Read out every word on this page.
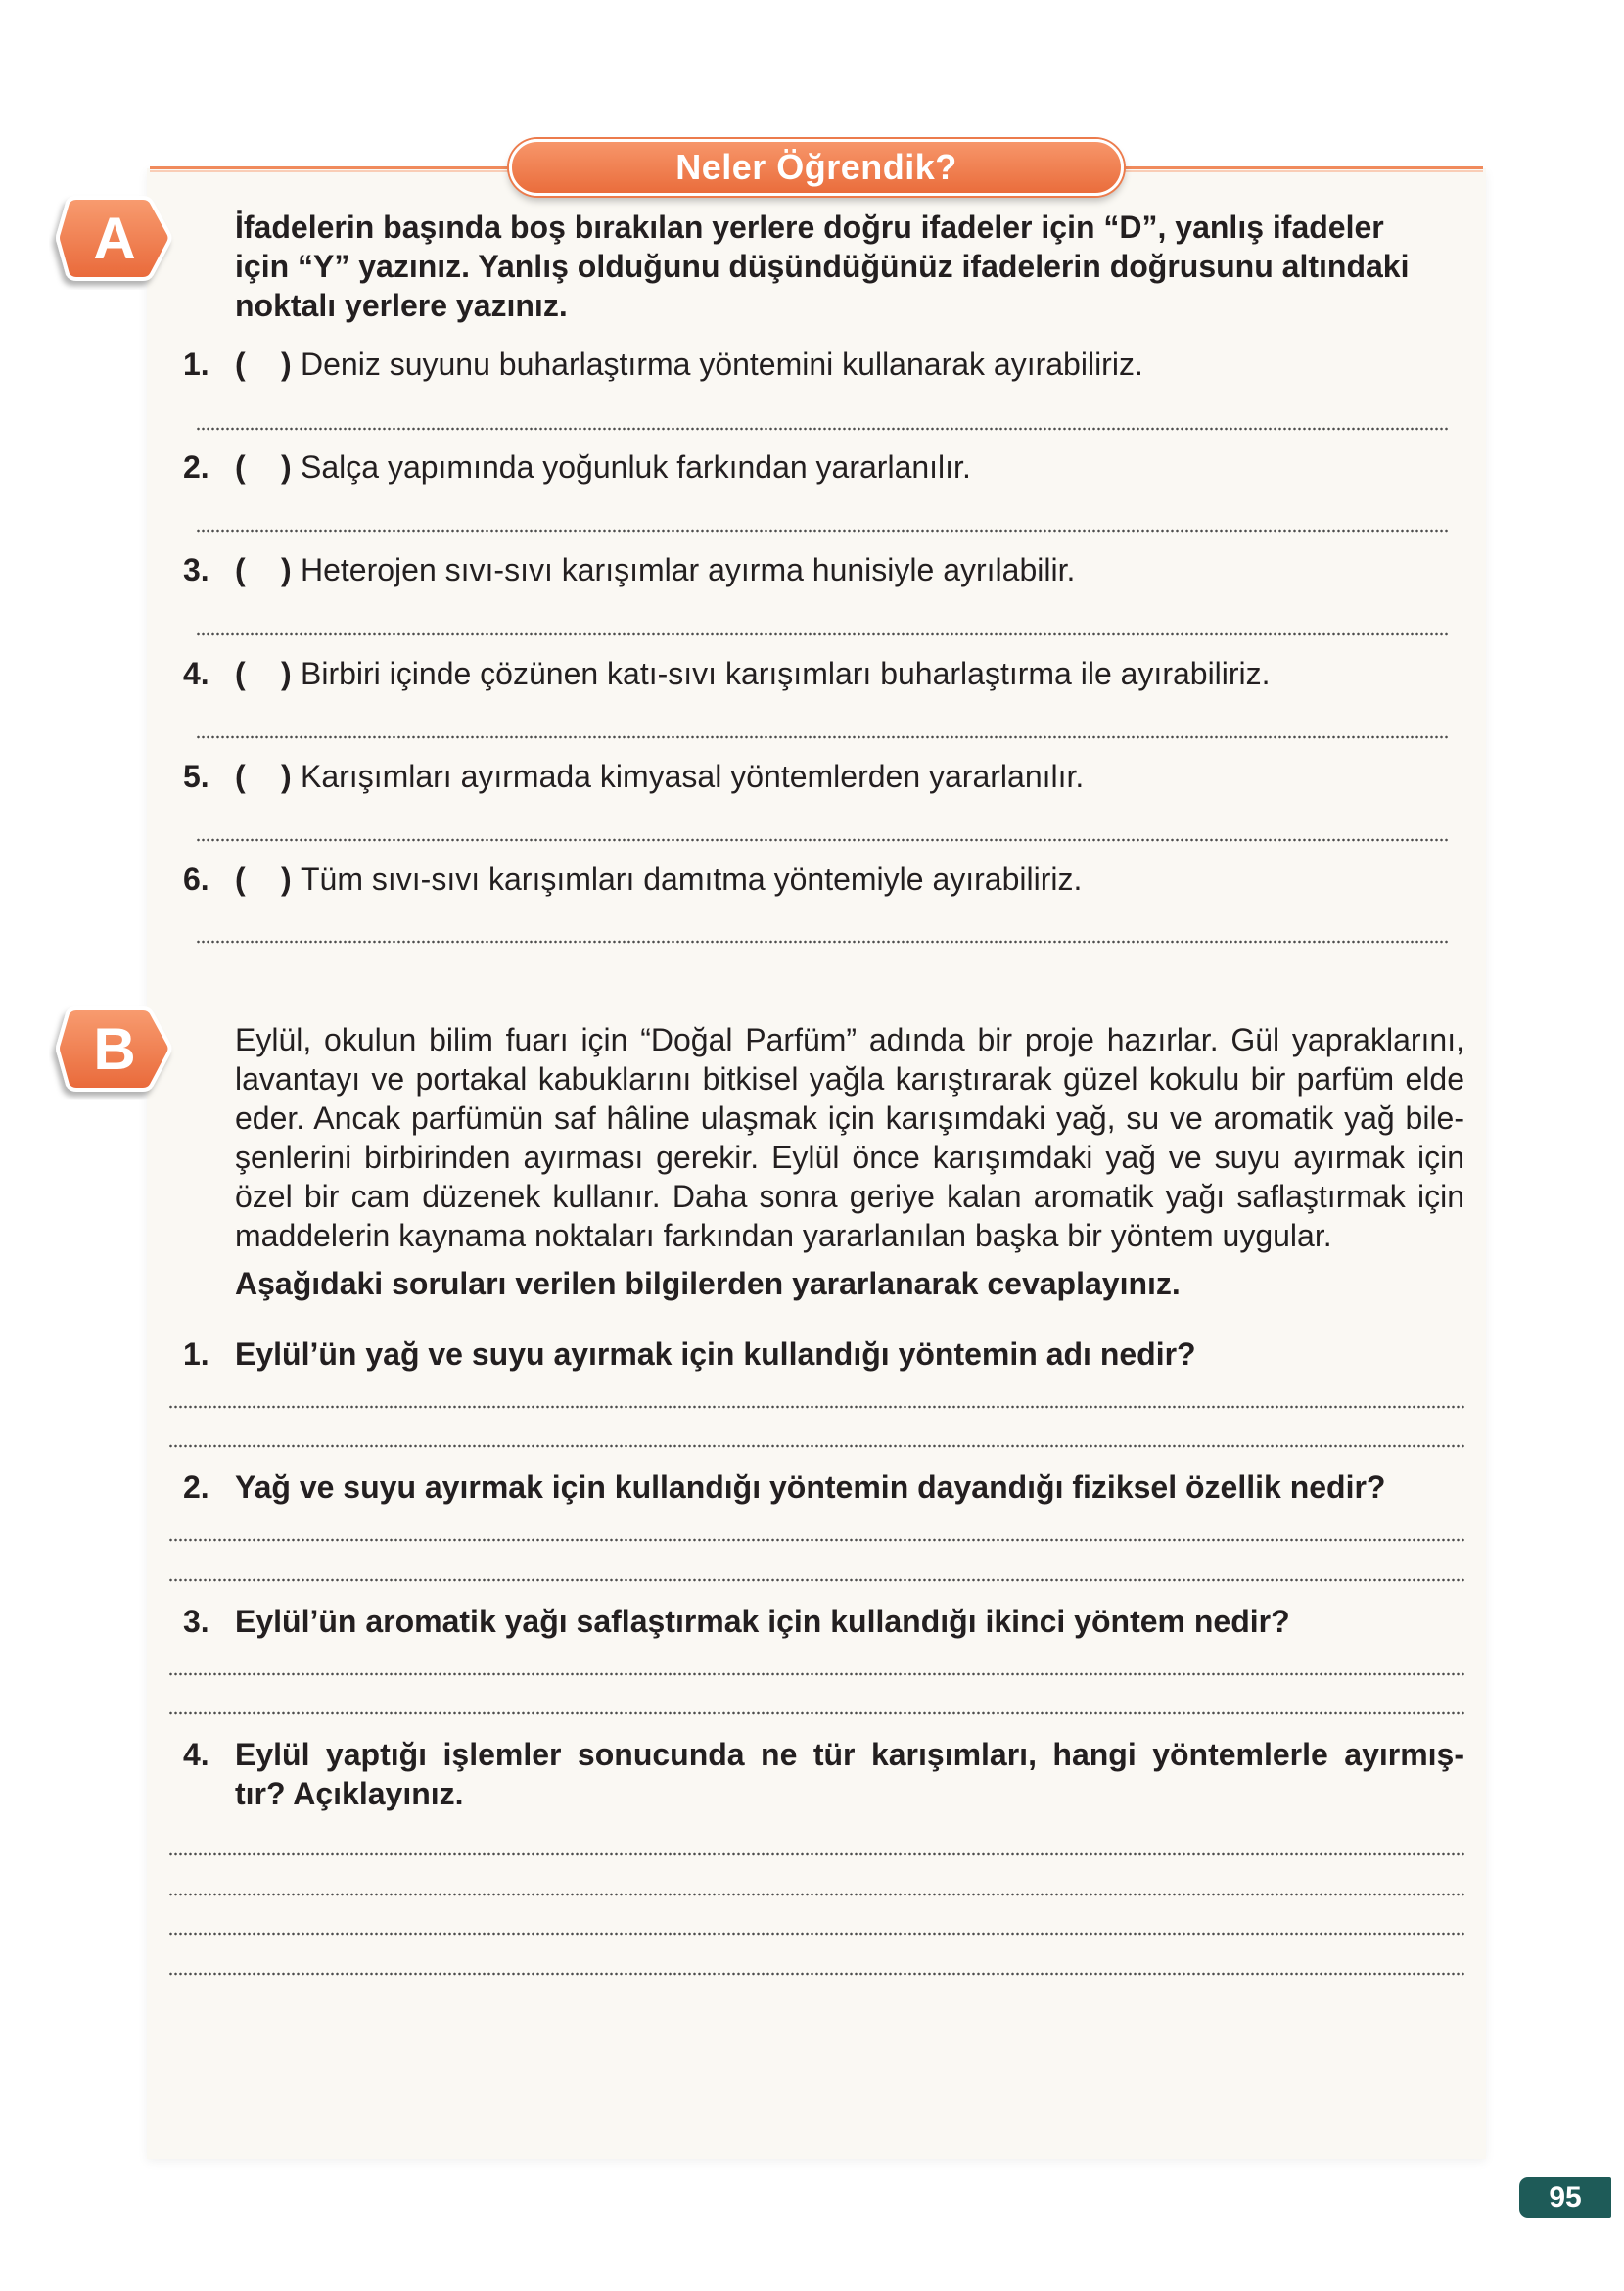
Neler Öğrendik?
A	İfadelerin başında boş bırakılan yerlere doğru ifadeler için “D”, yanlış ifadeler
için “Y” yazınız. Yanlış olduğunu düşündüğünüz ifadelerin doğrusunu altındaki
noktalı yerlere yazınız.
1. ( ) Deniz suyunu buharlaştırma yöntemini kullanarak ayırabiliriz.
2. ( ) Salça yapımında yoğunluk farkından yararlanılır.
3. ( ) Heterojen sıvı-sıvı karışımlar ayırma hunisiyle ayrılabilir.
4. ( ) Birbiri içinde çözünen katı-sıvı karışımları buharlaştırma ile ayırabiliriz.
5. ( ) Karışımları ayırmada kimyasal yöntemlerden yararlanılır.
6. ( ) Tüm sıvı-sıvı karışımları damıtma yöntemiyle ayırabiliriz.
B	Eylül, okulun bilim fuarı için “Doğal Parfüm” adında bir proje hazırlar. Gül yapraklarını,
lavantayı ve portakal kabuklarını bitkisel yağla karıştırarak güzel kokulu bir parfüm elde
eder. Ancak parfümün saf hâline ulaşmak için karışımdaki yağ, su ve aromatik yağ bile-
şenlerini birbirinden ayırması gerekir. Eylül önce karışımdaki yağ ve suyu ayırmak için
özel bir cam düzenek kullanır. Daha sonra geriye kalan aromatik yağı saflaştırmak için
maddelerin kaynama noktaları farkından yararlanılan başka bir yöntem uygular.
Aşağıdaki soruları verilen bilgilerden yararlanarak cevaplayınız.
1. Eylül’ün yağ ve suyu ayırmak için kullandığı yöntemin adı nedir?
2. Yağ ve suyu ayırmak için kullandığı yöntemin dayandığı fiziksel özellik nedir?
3. Eylül’ün aromatik yağı saflaştırmak için kullandığı ikinci yöntem nedir?
4. Eylül yaptığı işlemler sonucunda ne tür karışımları, hangi yöntemlerle ayırmış-
tır? Açıklayınız.
95
